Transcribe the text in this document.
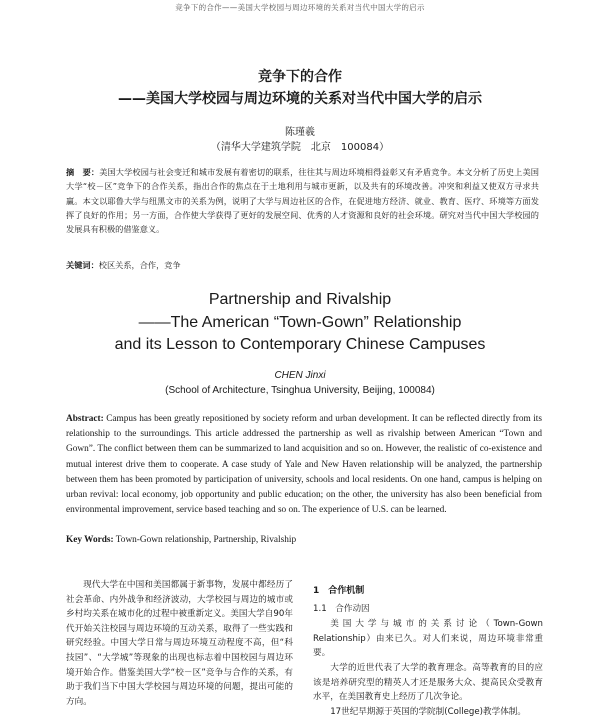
竞争下的合作——美国大学校园与周边环境的关系对当代中国大学的启示
竞争下的合作
——美国大学校园与周边环境的关系对当代中国大学的启示
陈瑾羲
（清华大学建筑学院　北京　100084）
摘　要：美国大学校园与社会变迁和城市发展有着密切的联系，往往其与周边环境相得益彰又有矛盾竞争。本文分析了历史上美国大学“校－区”竞争下的合作关系，指出合作的焦点在于土地利用与城市更新，以及共有的环境改善。冲突和利益又使双方寻求共赢。本文以耶鲁大学与纽黑文市的关系为例，说明了大学与周边社区的合作，在促进地方经济、就业、教育、医疗、环境等方面发挥了良好的作用；另一方面，合作使大学获得了更好的发展空间、优秀的人才资源和良好的社会环境。研究对当代中国大学校园的发展具有积极的借鉴意义。
关键词：校区关系，合作，竞争
Partnership and Rivalship
——The American “Town-Gown” Relationship
and its Lesson to Contemporary Chinese Campuses
CHEN Jinxi
(School of Architecture, Tsinghua University, Beijing, 100084)
Abstract: Campus has been greatly repositioned by society reform and urban development. It can be reflected directly from its relationship to the surroundings. This article addressed the partnership as well as rivalship between American “Town and Gown”. The conflict between them can be summarized to land acquisition and so on. However, the realistic of co-existence and mutual interest drive them to cooperate. A case study of Yale and New Haven relationship will be analyzed, the partnership between them has been promoted by participation of university, schools and local residents. On one hand, campus is helping on urban revival: local economy, job opportunity and public education; on the other, the university has also been beneficial from environmental improvement, service based teaching and so on. The experience of U.S. can be learned.
Key Words: Town-Gown relationship, Partnership, Rivalship

现代大学在中国和美国都属于新事物，发展中都经历了社会革命、内外战争和经济波动，大学校园与周边的城市或乡村均关系在城市化的过程中被重新定义。美国大学自90年代开始关注校园与周边环境的互动关系，取得了一些实践和研究经验。中国大学日常与周边环境互动程度不高，但“科技园”、“大学城”等现象的出现也标志着中国校园与周边环境开始合作。借鉴美国大学“校－区”竞争与合作的关系，有助于我们当下中国大学校园与周边环境的问题，提出可能的方向。

1　合作机制

1.1　合作动因

美国大学与城市的关系讨论（Town-Gown Relationship）由来已久。对人们来说，周边环境非常重要。

大学的近世代表了大学的教育理念。高等教育的目的应该是培养研究型的精英人才还是服务大众、提高民众受教育水平，在美国教育史上经历了几次争论。

17世纪早期源于英国的学院制(College)教学体制。
